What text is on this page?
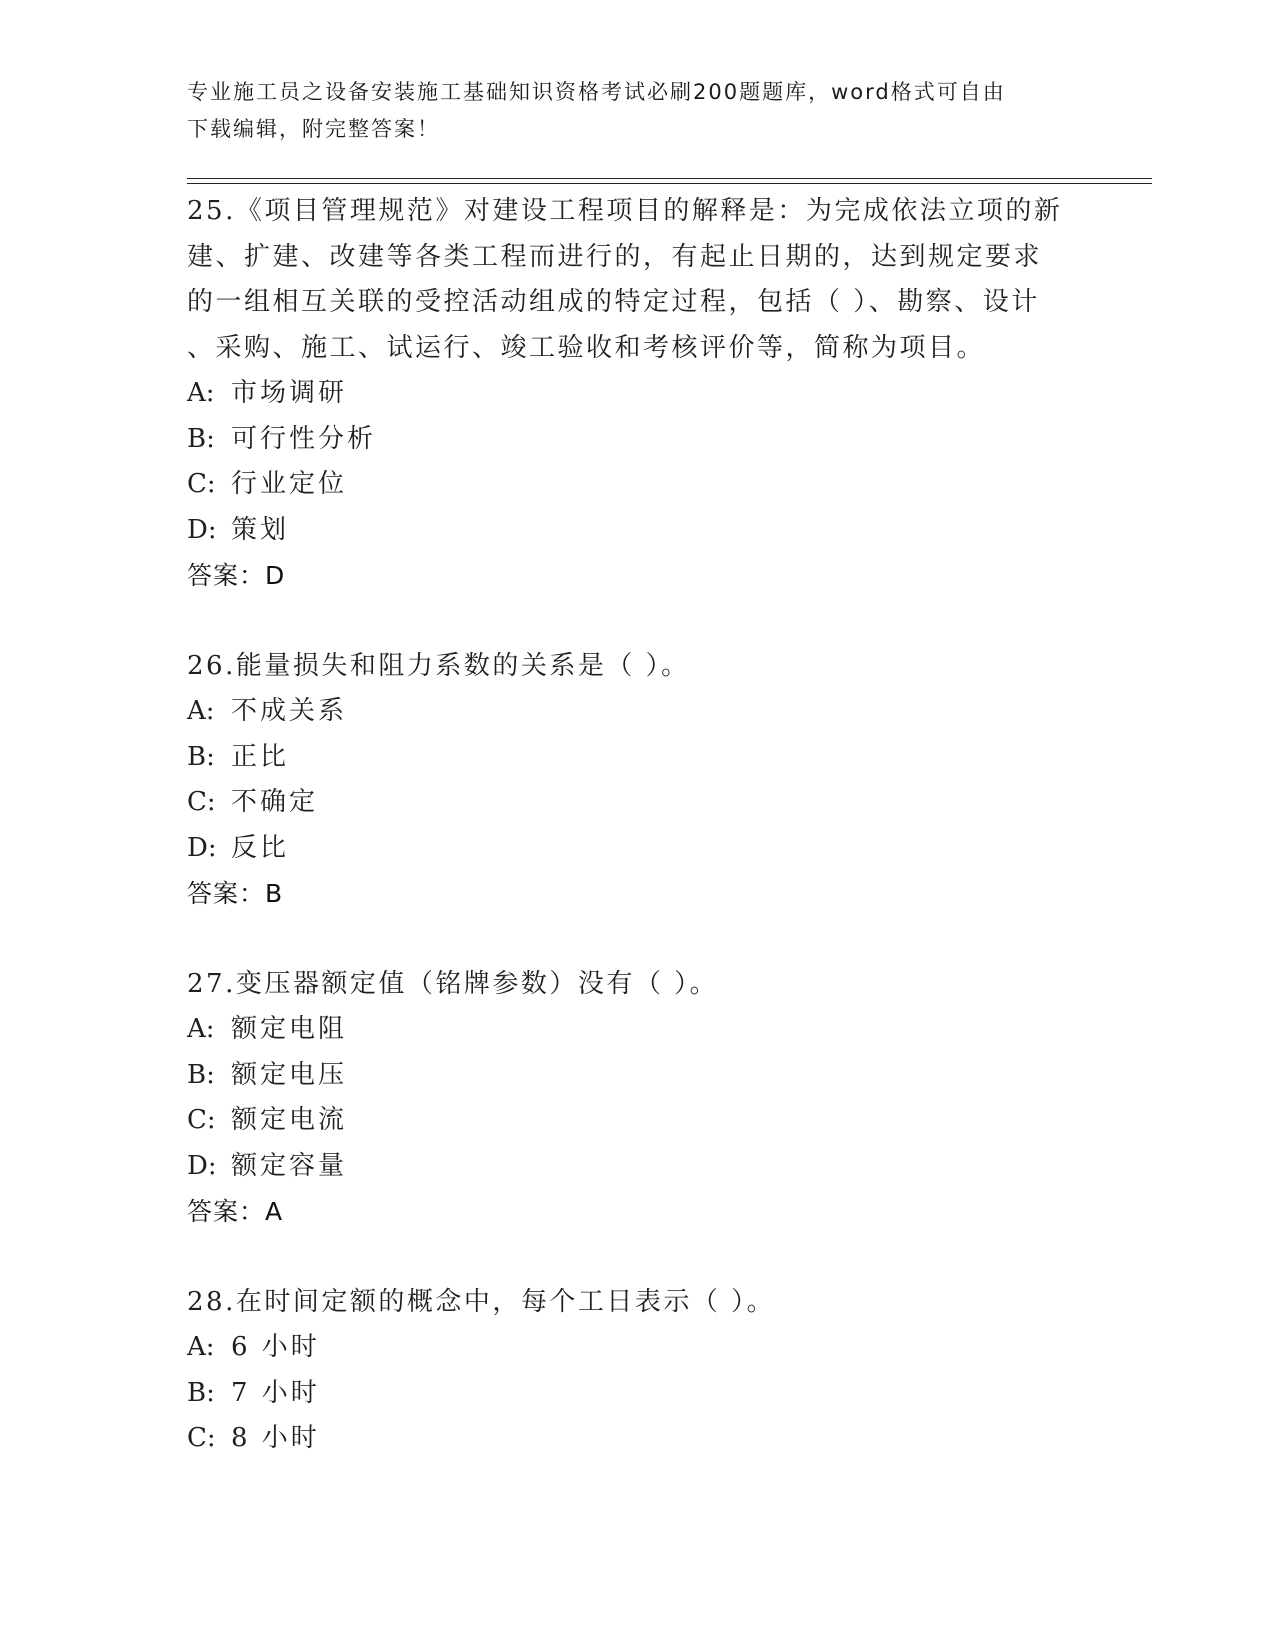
专业施工员之设备安装施工基础知识资格考试必刷200题题库，word格式可自由
下载编辑，附完整答案！
25.《项目管理规范》对建设工程项目的解释是：为完成依法立项的新
建、扩建、改建等各类工程而进行的，有起止日期的，达到规定要求
的一组相互关联的受控活动组成的特定过程，包括（ ）、勘察、设计
、采购、施工、试运行、竣工验收和考核评价等，简称为项目。
A: 市场调研
B: 可行性分析
C: 行业定位
D: 策划
答案：D
26.能量损失和阻力系数的关系是（ ）。
A: 不成关系
B: 正比
C: 不确定
D: 反比
答案：B
27.变压器额定值（铭牌参数）没有（ ）。
A: 额定电阻
B: 额定电压
C: 额定电流
D: 额定容量
答案：A
28.在时间定额的概念中，每个工日表示（ ）。
A: 6 小时
B: 7 小时
C: 8 小时
